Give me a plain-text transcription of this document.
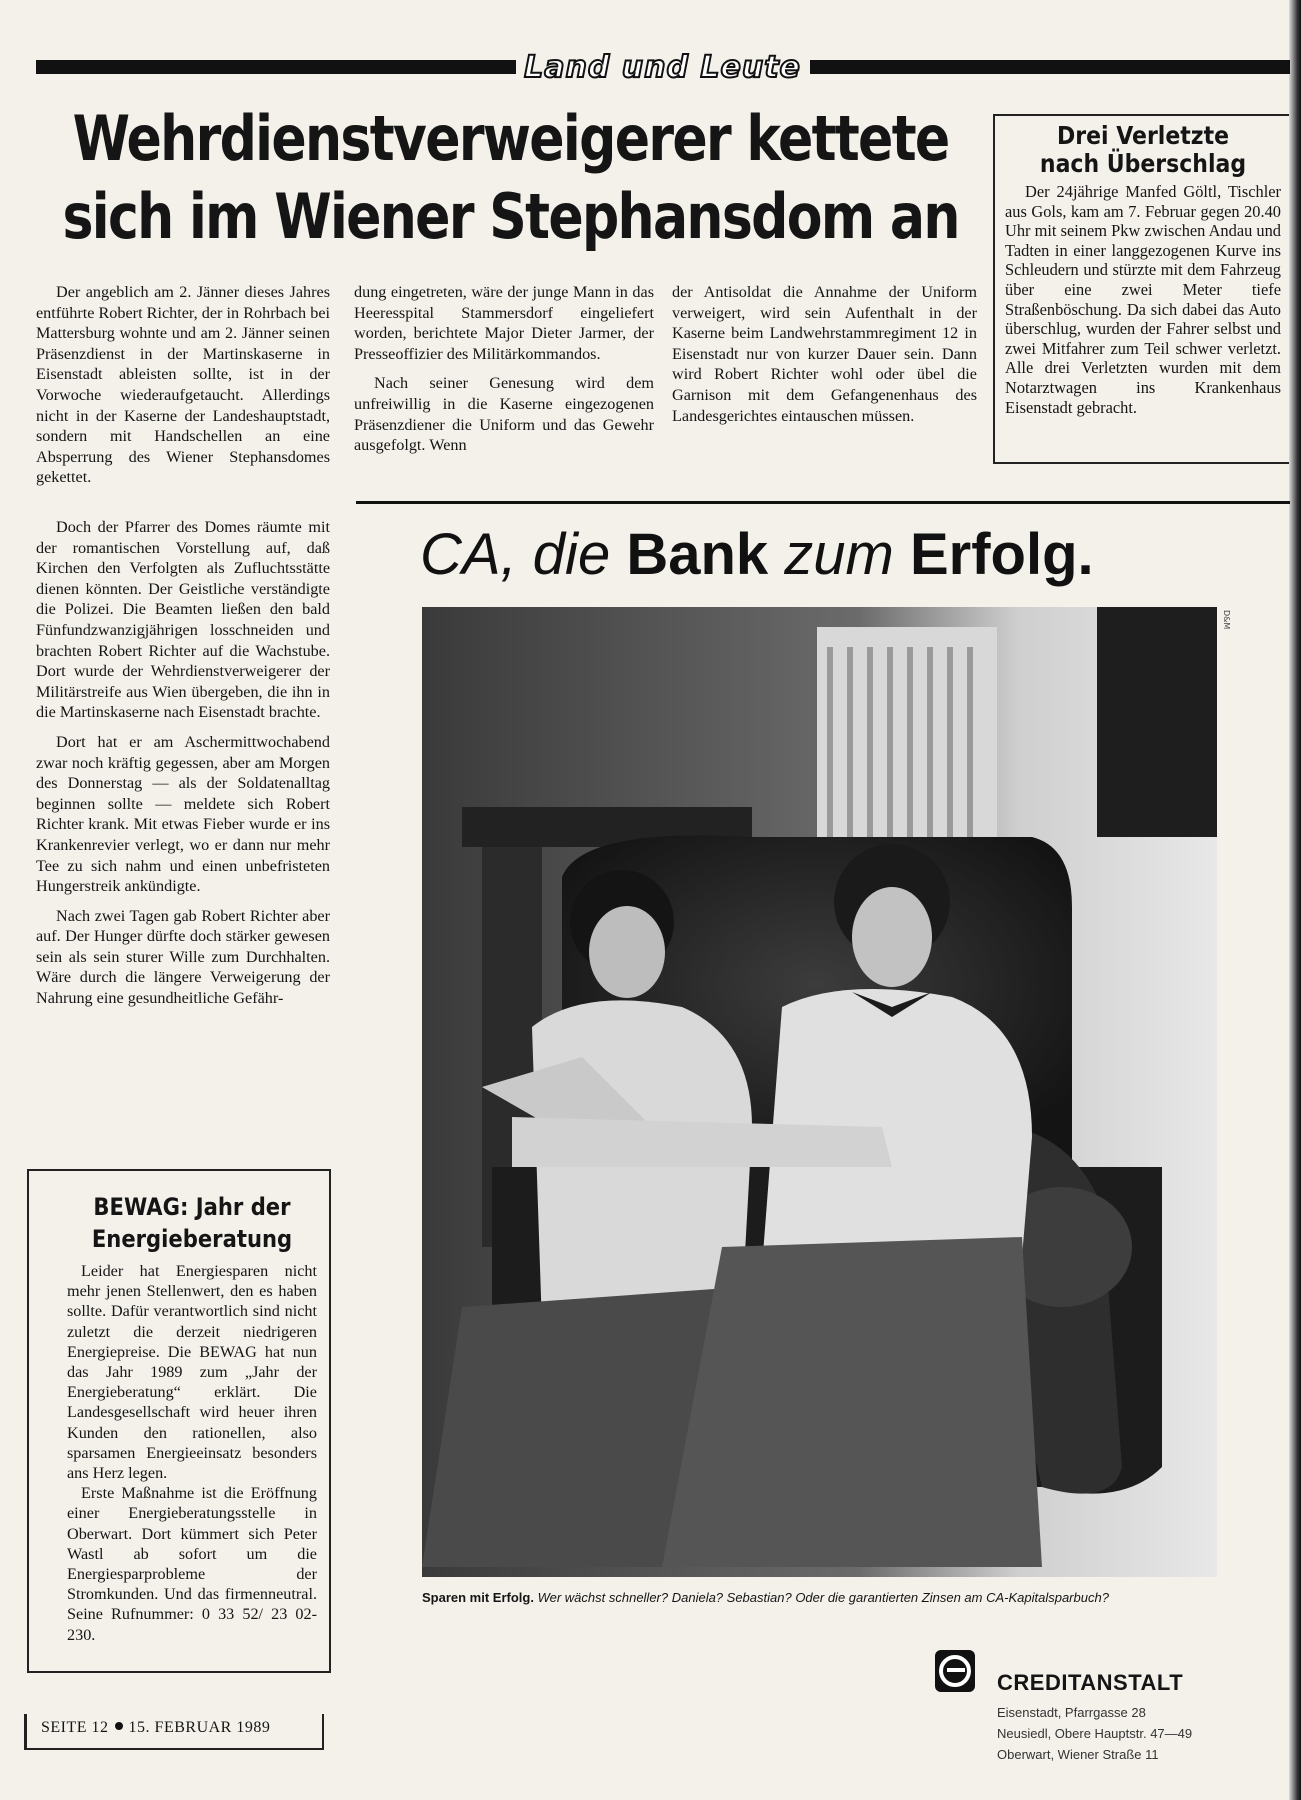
Land und Leute
Wehrdienstverweigerer kettete
sich im Wiener Stephansdom an

Der angeblich am 2. Jänner dieses Jahres entführte Robert Richter, der in Rohrbach bei Mattersburg wohnte und am 2. Jänner seinen Präsenzdienst in der Martinskaserne in Eisenstadt ableisten sollte, ist in der Vorwoche wiederaufgetaucht. Allerdings nicht in der Kaserne der Landeshauptstadt, sondern mit Handschellen an eine Absperrung des Wiener Stephansdomes gekettet.

Doch der Pfarrer des Domes räumte mit der romantischen Vorstellung auf, daß Kirchen den Verfolgten als Zufluchtsstätte dienen könnten. Der Geistliche verständigte die Polizei. Die Beamten ließen den bald Fünfundzwanzigjährigen losschneiden und brachten Robert Richter auf die Wachstube. Dort wurde der Wehrdienstverweigerer der Militärstreife aus Wien übergeben, die ihn in die Martinskaserne nach Eisenstadt brachte.

Dort hat er am Aschermittwochabend zwar noch kräftig gegessen, aber am Morgen des Donnerstag — als der Soldatenalltag beginnen sollte — meldete sich Robert Richter krank. Mit etwas Fieber wurde er ins Krankenrevier verlegt, wo er dann nur mehr Tee zu sich nahm und einen unbefristeten Hungerstreik ankündigte.

Nach zwei Tagen gab Robert Richter aber auf. Der Hunger dürfte doch stärker gewesen sein als sein sturer Wille zum Durchhalten. Wäre durch die längere Verweigerung der Nahrung eine gesundheitliche Gefähr-

dung eingetreten, wäre der junge Mann in das Heeresspital Stammersdorf eingeliefert worden, berichtete Major Dieter Jarmer, der Presseoffizier des Militärkommandos.

Nach seiner Genesung wird dem unfreiwillig in die Kaserne eingezogenen Präsenzdiener die Uniform und das Gewehr ausgefolgt. Wenn

der Antisoldat die Annahme der Uniform verweigert, wird sein Aufenthalt in der Kaserne beim Landwehrstammregiment 12 in Eisenstadt nur von kurzer Dauer sein. Dann wird Robert Richter wohl oder übel die Garnison mit dem Gefangenenhaus des Landesgerichtes eintauschen müssen.

Drei Verletzte
nach Überschlag
Der 24jährige Manfed Göltl, Tischler aus Gols, kam am 7. Februar gegen 20.40 Uhr mit seinem Pkw zwischen Andau und Tadten in einer langgezogenen Kurve ins Schleudern und stürzte mit dem Fahrzeug über eine zwei Meter tiefe Straßenböschung. Da sich dabei das Auto überschlug, wurden der Fahrer selbst und zwei Mitfahrer zum Teil schwer verletzt. Alle drei Verletzten wurden mit dem Notarztwagen ins Krankenhaus Eisenstadt gebracht.
BEWAG: Jahr der
Energieberatung

Leider hat Energiesparen nicht mehr jenen Stellenwert, den es haben sollte. Dafür verantwortlich sind nicht zuletzt die derzeit niedrigeren Energiepreise. Die BEWAG hat nun das Jahr 1989 zum „Jahr der Energieberatung“ erklärt. Die Landesgesellschaft wird heuer ihren Kunden den rationellen, also sparsamen Energieeinsatz besonders ans Herz legen.

Erste Maßnahme ist die Eröffnung einer Energieberatungsstelle in Oberwart. Dort kümmert sich Peter Wastl ab sofort um die Energiesparprobleme der Stromkunden. Und das firmenneutral. Seine Rufnummer: 0 33 52/ 23 02-230.

SEITE 12 15. FEBRUAR 1989
CA, die Bank zum Erfolg.
D&M
Sparen mit Erfolg. Wer wächst schneller? Daniela? Sebastian? Oder die garantierten Zinsen am CA-Kapitalsparbuch?
CREDITANSTALT
Eisenstadt, Pfarrgasse 28
Neusiedl, Obere Hauptstr. 47—49
Oberwart, Wiener Straße 11
